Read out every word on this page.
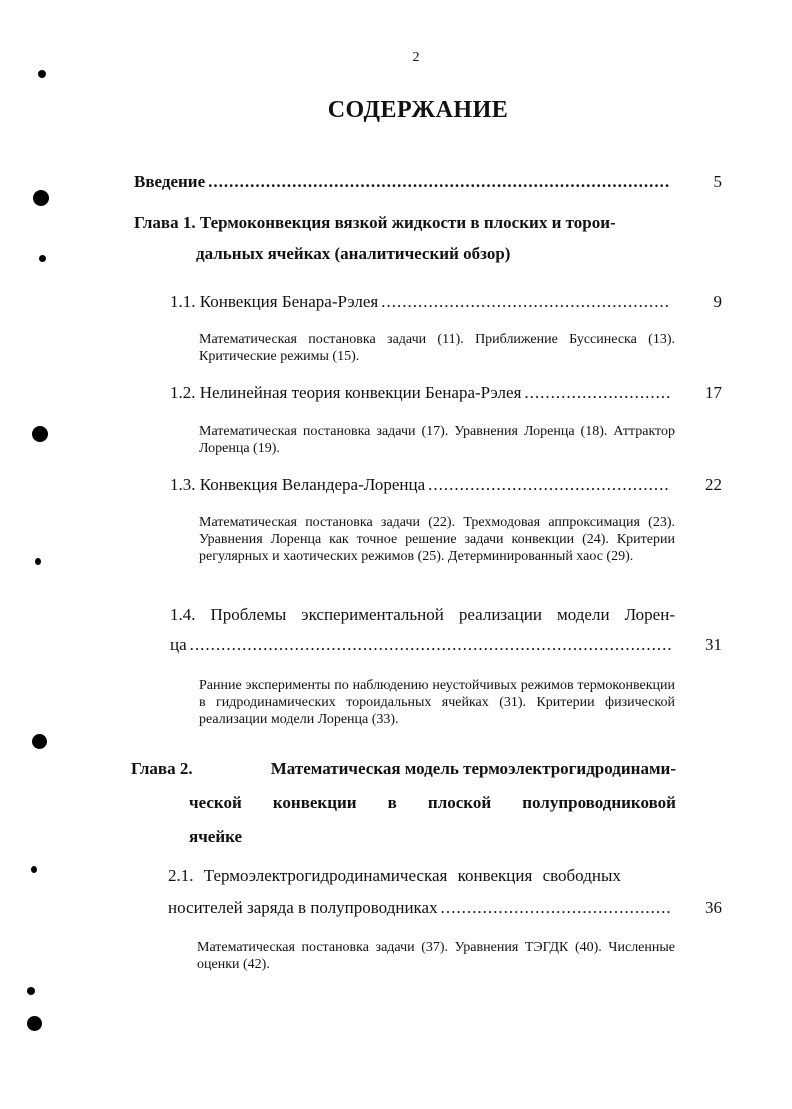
2
СОДЕРЖАНИЕ
Введение .....	5
Глава 1. Термоконвекция вязкой жидкости в плоских и торои-
дальных ячейках (аналитический обзор)
1.1. Конвекция Бенара-Рэлея .....	9
Математическая постановка задачи (11). Приближение Буссинеска (13). Критические режимы (15).
1.2. Нелинейная теория конвекции Бенара-Рэлея .....	17
Математическая постановка задачи (17). Уравнения Лоренца (18). Аттрактор Лоренца (19).
1.3. Конвекция Веландера-Лоренца .....	22
Математическая постановка задачи (22). Трехмодовая аппроксимация (23). Уравнения Лоренца как точное решение задачи конвекции (24). Критерии регулярных и хаотических режимов (25). Детерминированный хаос (29).
1.4. Проблемы экспериментальной реализации модели Лорен-
ца .....	31
Ранние эксперименты по наблюдению неустойчивых режимов термоконвекции в гидродинамических тороидальных ячейках (31). Критерии физической реализации модели Лоренца (33).
Глава 2.	Математическая модель термоэлектрогидродинами-
ческой конвекции в плоской полупроводниковой
ячейке
2.1. Термоэлектрогидродинамическая конвекция свободных
носителей заряда в полупроводниках .....	36
Математическая постановка задачи (37). Уравнения ТЭГДК (40). Численные оценки (42).
